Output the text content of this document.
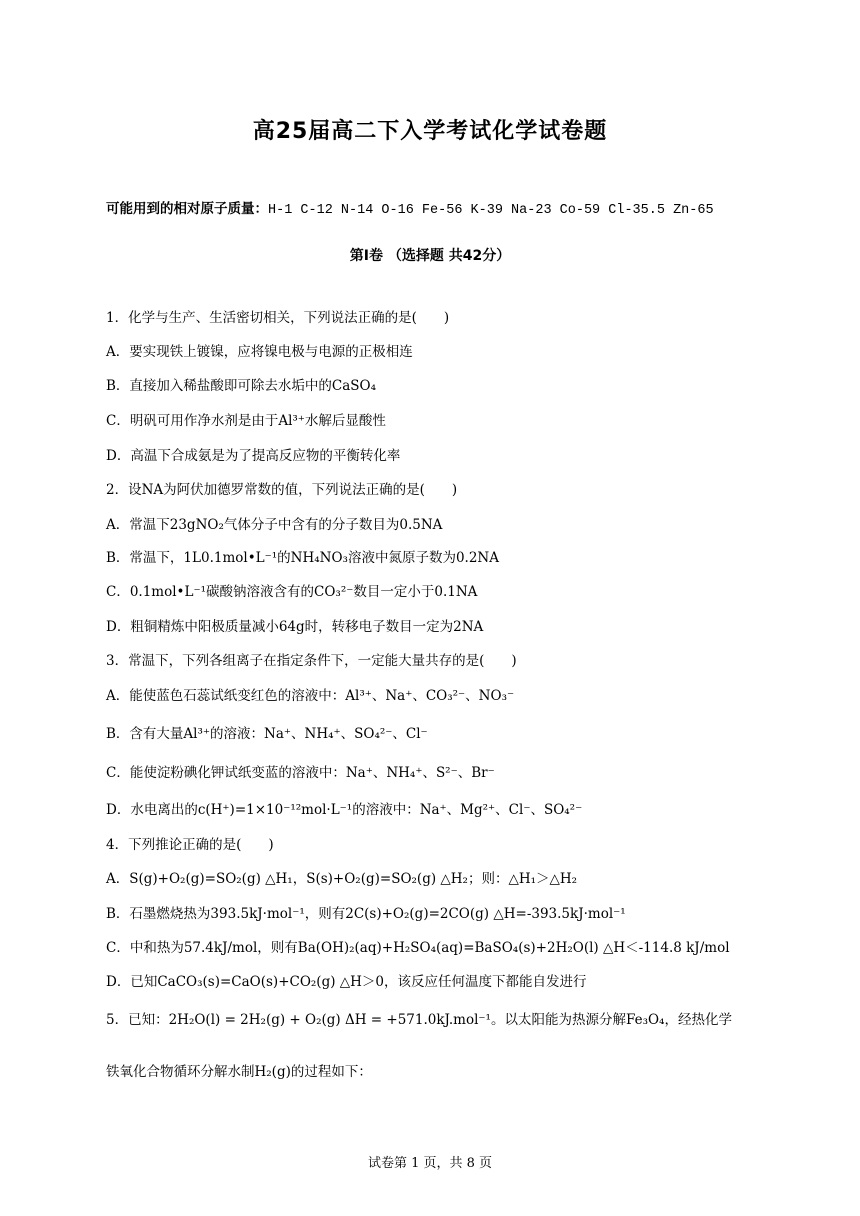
高25届高二下入学考试化学试卷题
可能用到的相对原子质量：H-1 C-12 N-14 O-16 Fe-56 K-39 Na-23 Co-59 Cl-35.5 Zn-65
第Ⅰ卷 （选择题 共42分）
1．化学与生产、生活密切相关，下列说法正确的是(　　)
A．要实现铁上镀镍，应将镍电极与电源的正极相连
B．直接加入稀盐酸即可除去水垢中的CaSO₄
C．明矾可用作净水剂是由于Al³⁺水解后显酸性
D．高温下合成氨是为了提高反应物的平衡转化率
2．设NA为阿伏加德罗常数的值，下列说法正确的是(　　)
A．常温下23gNO₂气体分子中含有的分子数目为0.5NA
B．常温下，1L0.1mol•L⁻¹的NH₄NO₃溶液中氮原子数为0.2NA
C．0.1mol•L⁻¹碳酸钠溶液含有的CO₃²⁻数目一定小于0.1NA
D．粗铜精炼中阳极质量减小64g时，转移电子数目一定为2NA
3．常温下，下列各组离子在指定条件下，一定能大量共存的是(　　)
A．能使蓝色石蕊试纸变红色的溶液中：Al³⁺、Na⁺、CO₃²⁻、NO₃⁻
B．含有大量Al³⁺的溶液：Na⁺、NH₄⁺、SO₄²⁻、Cl⁻
C．能使淀粉碘化钾试纸变蓝的溶液中：Na⁺、NH₄⁺、S²⁻、Br⁻
D．水电离出的c(H⁺)=1×10⁻¹²mol·L⁻¹的溶液中：Na⁺、Mg²⁺、Cl⁻、SO₄²⁻
4．下列推论正确的是(　　)
A．S(g)+O₂(g)=SO₂(g) △H₁，S(s)+O₂(g)=SO₂(g) △H₂；则：△H₁＞△H₂
B．石墨燃烧热为393.5kJ·mol⁻¹，则有2C(s)+O₂(g)=2CO(g) △H=-393.5kJ·mol⁻¹
C．中和热为57.4kJ/mol，则有Ba(OH)₂(aq)+H₂SO₄(aq)=BaSO₄(s)+2H₂O(l) △H＜-114.8 kJ/mol
D．已知CaCO₃(s)=CaO(s)+CO₂(g) △H＞0，该反应任何温度下都能自发进行
5．已知：2H₂O(l) = 2H₂(g) + O₂(g) ΔH = +571.0kJ.mol⁻¹。以太阳能为热源分解Fe₃O₄，经热化学
铁氧化合物循环分解水制H₂(g)的过程如下：
试卷第 1 页，共 8 页
